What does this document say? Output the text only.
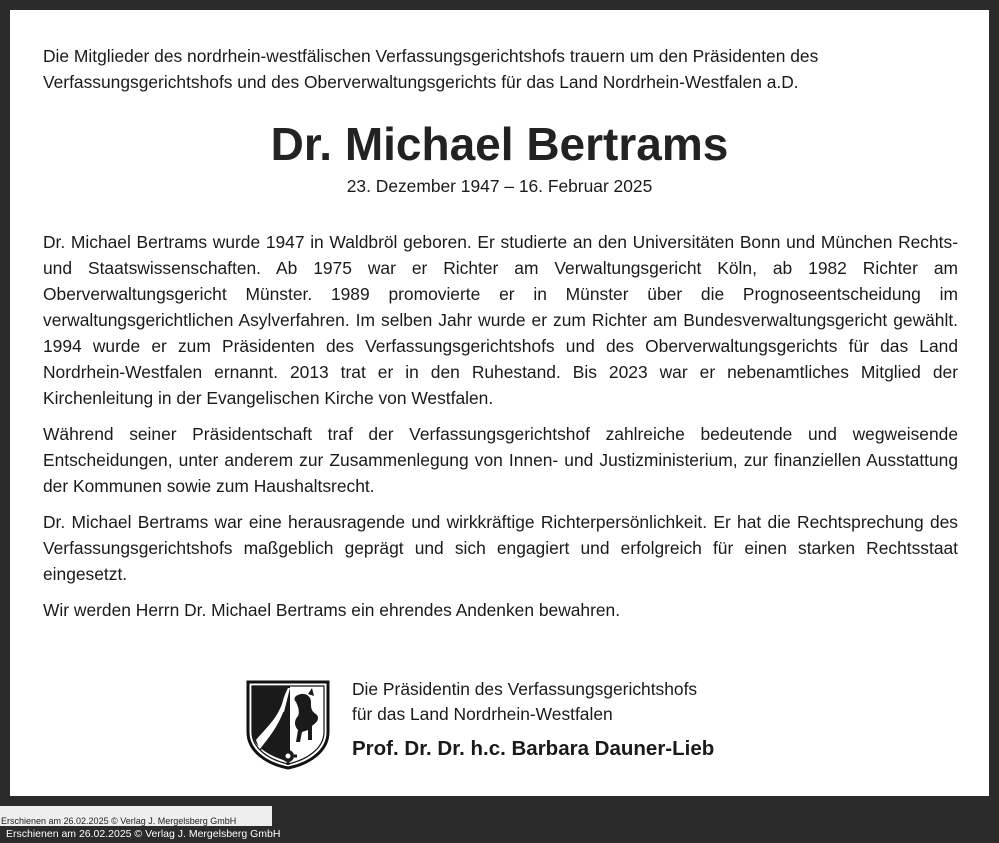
Die Mitglieder des nordrhein-westfälischen Verfassungsgerichtshofs trauern um den Präsidenten des
Verfassungsgerichtshofs und des Oberverwaltungsgerichts für das Land Nordrhein-Westfalen a.D.
Dr. Michael Bertrams
23. Dezember 1947 – 16. Februar 2025

Dr. Michael Bertrams wurde 1947 in Waldbröl geboren. Er studierte an den Universitäten Bonn und München Rechts- und Staatswissenschaften. Ab 1975 war er Richter am Verwaltungsgericht Köln, ab 1982 Richter am Oberverwaltungsgericht Münster. 1989 promovierte er in Münster über die Prognoseentscheidung im verwaltungsgerichtlichen Asylverfahren. Im selben Jahr wurde er zum Richter am Bundesverwaltungsgericht gewählt. 1994 wurde er zum Präsidenten des Verfassungsgerichtshofs und des Oberverwaltungsgerichts für das Land Nordrhein-Westfalen ernannt. 2013 trat er in den Ruhestand. Bis 2023 war er nebenamtliches Mitglied der Kirchenleitung in der Evangelischen Kirche von Westfalen.

Während seiner Präsidentschaft traf der Verfassungsgerichtshof zahlreiche bedeutende und wegweisende Entscheidungen, unter anderem zur Zusammenlegung von Innen- und Justizministerium, zur finanziellen Ausstattung der Kommunen sowie zum Haushaltsrecht.

Dr. Michael Bertrams war eine herausragende und wirkkräftige Richterpersönlichkeit. Er hat die Rechtsprechung des Verfassungsgerichtshofs maßgeblich geprägt und sich engagiert und erfolgreich für einen starken Rechtsstaat eingesetzt.

Wir werden Herrn Dr. Michael Bertrams ein ehrendes Andenken bewahren.

Die Präsidentin des Verfassungsgerichtshofs
für das Land Nordrhein-Westfalen
Prof. Dr. Dr. h.c. Barbara Dauner-Lieb
Erschienen am 26.02.2025 © Verlag J. Mergelsberg GmbH
Erschienen am 26.02.2025 © Verlag J. Mergelsberg GmbH
